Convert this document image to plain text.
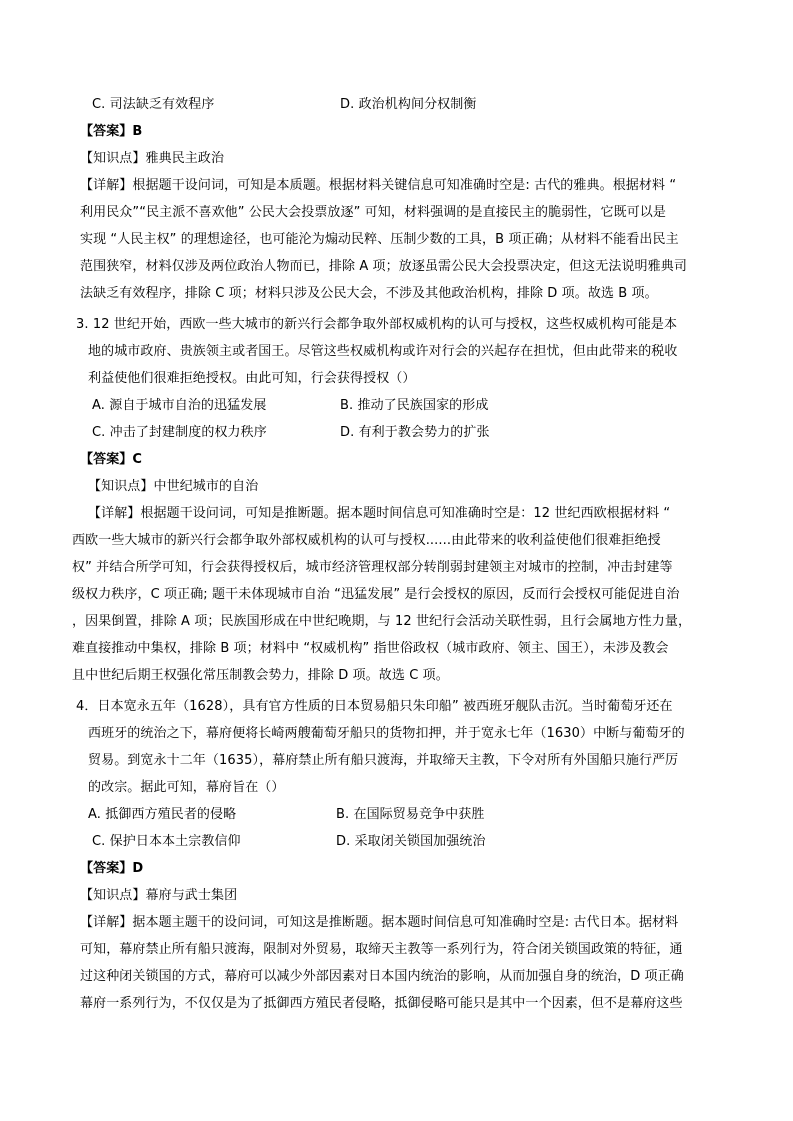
C. 司法缺乏有效程序	D. 政治机构间分权制衡
【答案】B
【知识点】雅典民主政治
【详解】根据题干设问词，可知是本质题。根据材料关键信息可知准确时空是: 古代的雅典。根据材料 “
利用民众”“民主派不喜欢他” 公民大会投票放逐” 可知，材料强调的是直接民主的脆弱性，它既可以是
实现 “人民主权” 的理想途径，也可能沦为煽动民粹、压制少数的工具，B 项正确；从材料不能看出民主
范围狭窄，材料仅涉及两位政治人物而已，排除 A 项；放逐虽需公民大会投票决定，但这无法说明雅典司
法缺乏有效程序，排除 C 项；材料只涉及公民大会，不涉及其他政治机构，排除 D 项。故选 B 项。
3. 12 世纪开始，西欧一些大城市的新兴行会都争取外部权威机构的认可与授权，这些权威机构可能是本
地的城市政府、贵族领主或者国王。尽管这些权威机构或许对行会的兴起存在担忧，但由此带来的税收
利益使他们很难拒绝授权。由此可知，行会获得授权（）
A. 源自于城市自治的迅猛发展	B. 推动了民族国家的形成
C. 冲击了封建制度的权力秩序	D. 有利于教会势力的扩张
【答案】C
【知识点】中世纪城市的自治
【详解】根据题干设问词，可知是推断题。据本题时间信息可知准确时空是：12 世纪西欧根据材料 “
西欧一些大城市的新兴行会都争取外部权威机构的认可与授权......由此带来的收利益使他们很难拒绝授
权” 并结合所学可知，行会获得授权后，城市经济管理权部分转削弱封建领主对城市的控制，冲击封建等
级权力秩序，C 项正确; 题干未体现城市自治 “迅猛发展” 是行会授权的原因，反而行会授权可能促进自治
，因果倒置，排除 A 项；民族国形成在中世纪晚期，与 12 世纪行会活动关联性弱，且行会属地方性力量，
难直接推动中集权，排除 B 项；材料中 “权威机构” 指世俗政权（城市政府、领主、国王），未涉及教会
且中世纪后期王权强化常压制教会势力，排除 D 项。故选 C 项。
4．日本宽永五年（1628），具有官方性质的日本贸易船只朱印船” 被西班牙舰队击沉。当时葡萄牙还在
西班牙的统治之下，幕府便将长崎两艘葡萄牙船只的货物扣押，并于宽永七年（1630）中断与葡萄牙的
贸易。到宽永十二年（1635），幕府禁止所有船只渡海，并取缔天主教，下令对所有外国船只施行严厉
的改宗。据此可知，幕府旨在（）
A. 抵御西方殖民者的侵略	B. 在国际贸易竞争中获胜
C. 保护日本本土宗教信仰	D. 采取闭关锁国加强统治
【答案】D
【知识点】幕府与武士集团
【详解】据本题主题干的设问词，可知这是推断题。据本题时间信息可知准确时空是: 古代日本。据材料
可知，幕府禁止所有船只渡海，限制对外贸易，取缔天主教等一系列行为，符合闭关锁国政策的特征，通
过这种闭关锁国的方式，幕府可以减少外部因素对日本国内统治的影响，从而加强自身的统治，D 项正确
幕府一系列行为，不仅仅是为了抵御西方殖民者侵略，抵御侵略可能只是其中一个因素，但不是幕府这些
